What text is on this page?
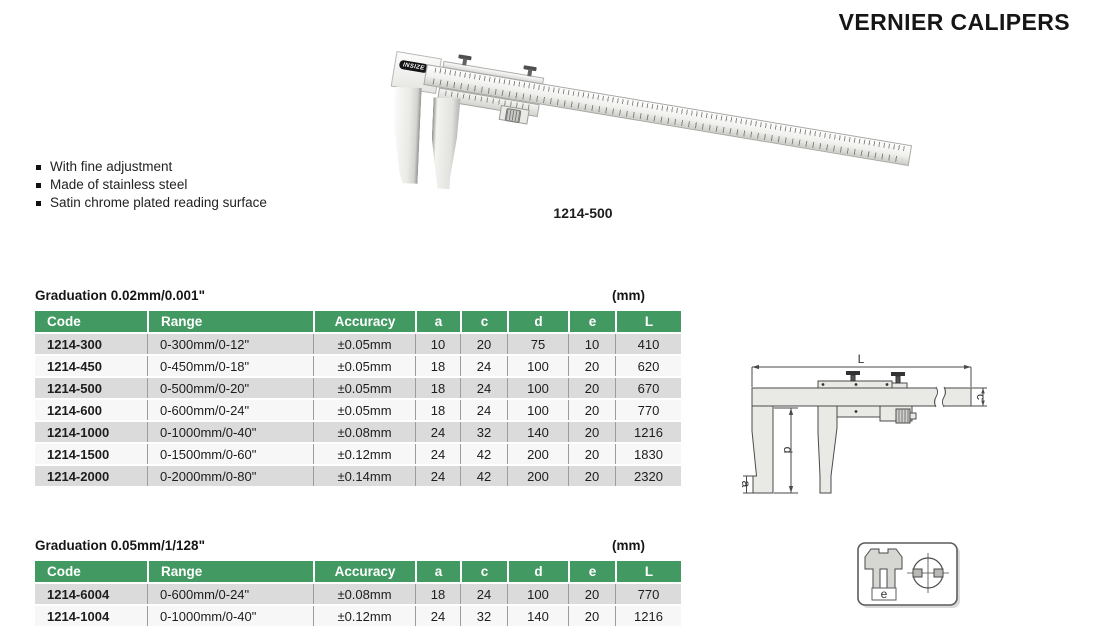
VERNIER CALIPERS
With fine adjustment
Made of stainless steel
Satin chrome plated reading surface
INSIZE
1214-500
Graduation 0.02mm/0.001"	(mm)
Code	Range	Accuracy	a	c	d	e	L
1214-300	0-300mm/0-12"	±0.05mm	10	20	75	10	410
1214-450	0-450mm/0-18"	±0.05mm	18	24	100	20	620
1214-500	0-500mm/0-20"	±0.05mm	18	24	100	20	670
1214-600	0-600mm/0-24"	±0.05mm	18	24	100	20	770
1214-1000	0-1000mm/0-40"	±0.08mm	24	32	140	20	1216
1214-1500	0-1500mm/0-60"	±0.12mm	24	42	200	20	1830
1214-2000	0-2000mm/0-80"	±0.14mm	24	42	200	20	2320
Graduation 0.05mm/1/128"	(mm)
Code	Range	Accuracy	a	c	d	e	L
1214-6004	0-600mm/0-24"	±0.08mm	18	24	100	20	770
1214-1004	0-1000mm/0-40"	±0.12mm	24	32	140	20	1216
L
c
a
d
e
